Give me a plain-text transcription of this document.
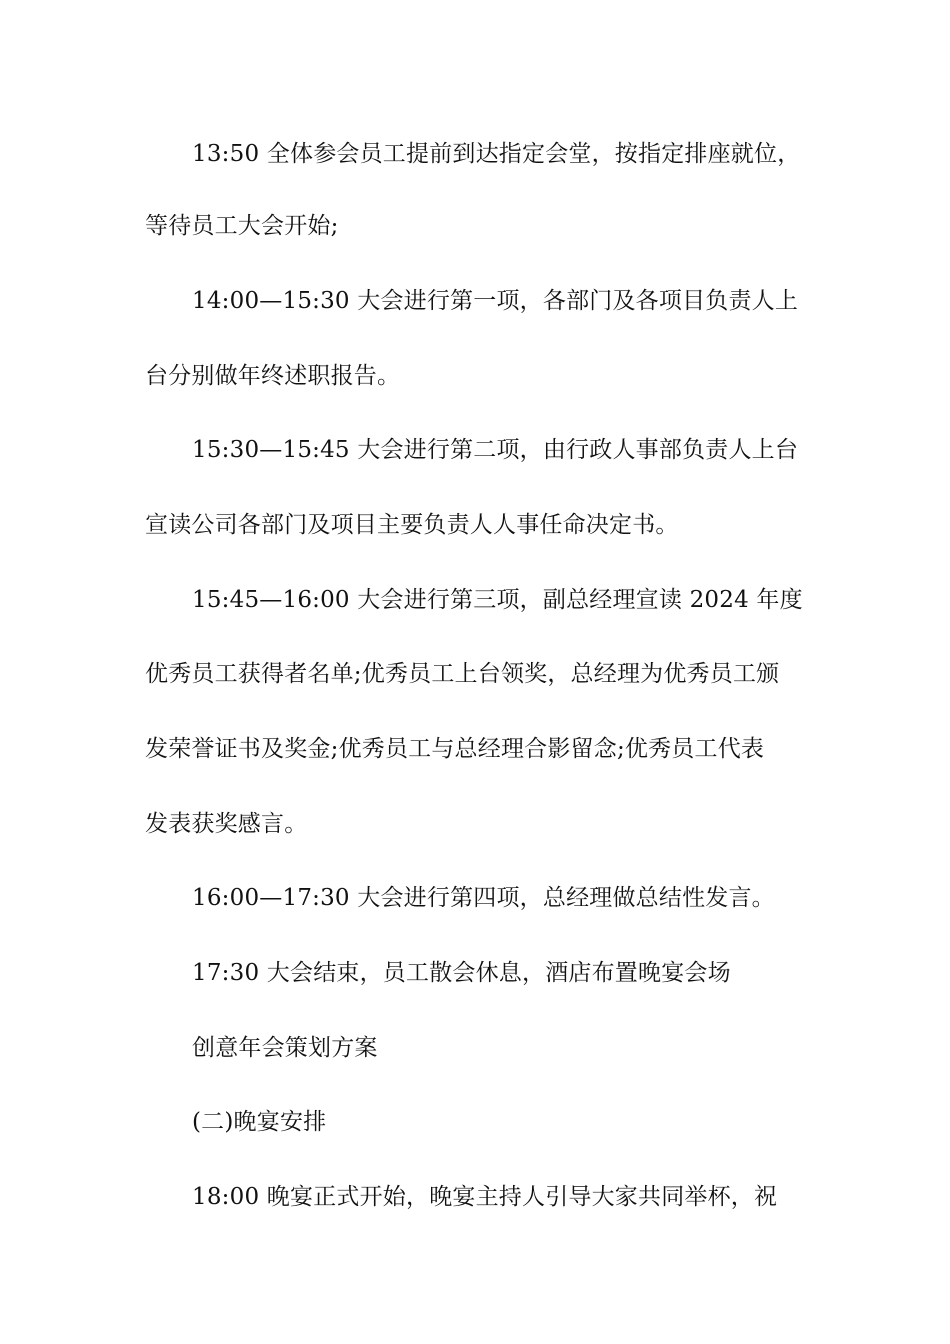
13:50 全体参会员工提前到达指定会堂，按指定排座就位，
等待员工大会开始;
14:00—15:30 大会进行第一项，各部门及各项目负责人上
台分别做年终述职报告。
15:30—15:45 大会进行第二项，由行政人事部负责人上台
宣读公司各部门及项目主要负责人人事任命决定书。
15:45—16:00 大会进行第三项，副总经理宣读 2024 年度
优秀员工获得者名单;优秀员工上台领奖，总经理为优秀员工颁
发荣誉证书及奖金;优秀员工与总经理合影留念;优秀员工代表
发表获奖感言。
16:00—17:30 大会进行第四项，总经理做总结性发言。
17:30 大会结束，员工散会休息，酒店布置晚宴会场
创意年会策划方案
(二)晚宴安排
18:00 晚宴正式开始，晚宴主持人引导大家共同举杯，祝
